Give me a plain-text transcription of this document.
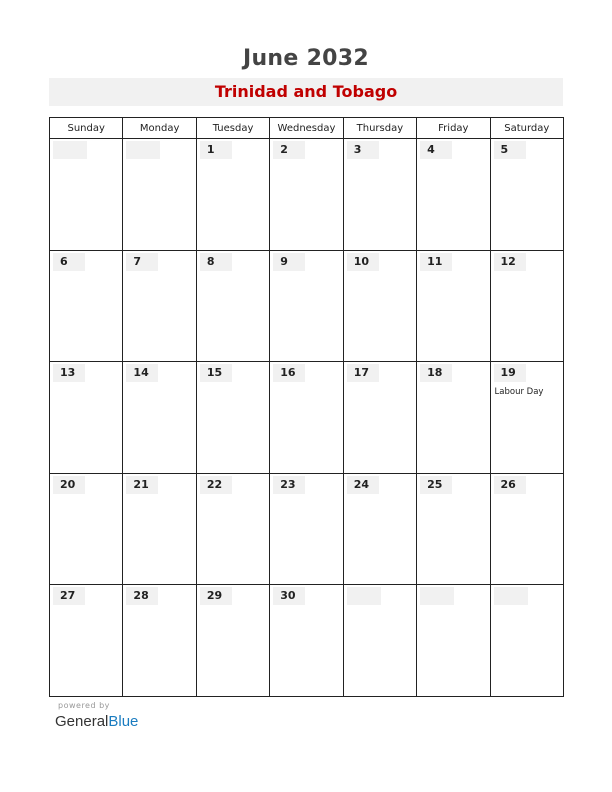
June 2032
Trinidad and Tobago
Sunday	Monday	Tuesday	Wednesday	Thursday	Friday	Saturday

		1	2	3	4	5

6	7	8	9	10	11	12

13	14	15	16	17	18	19
Labour Day

20	21	22	23	24	25	26

27	28	29	30			

powered by
GeneralBlue
